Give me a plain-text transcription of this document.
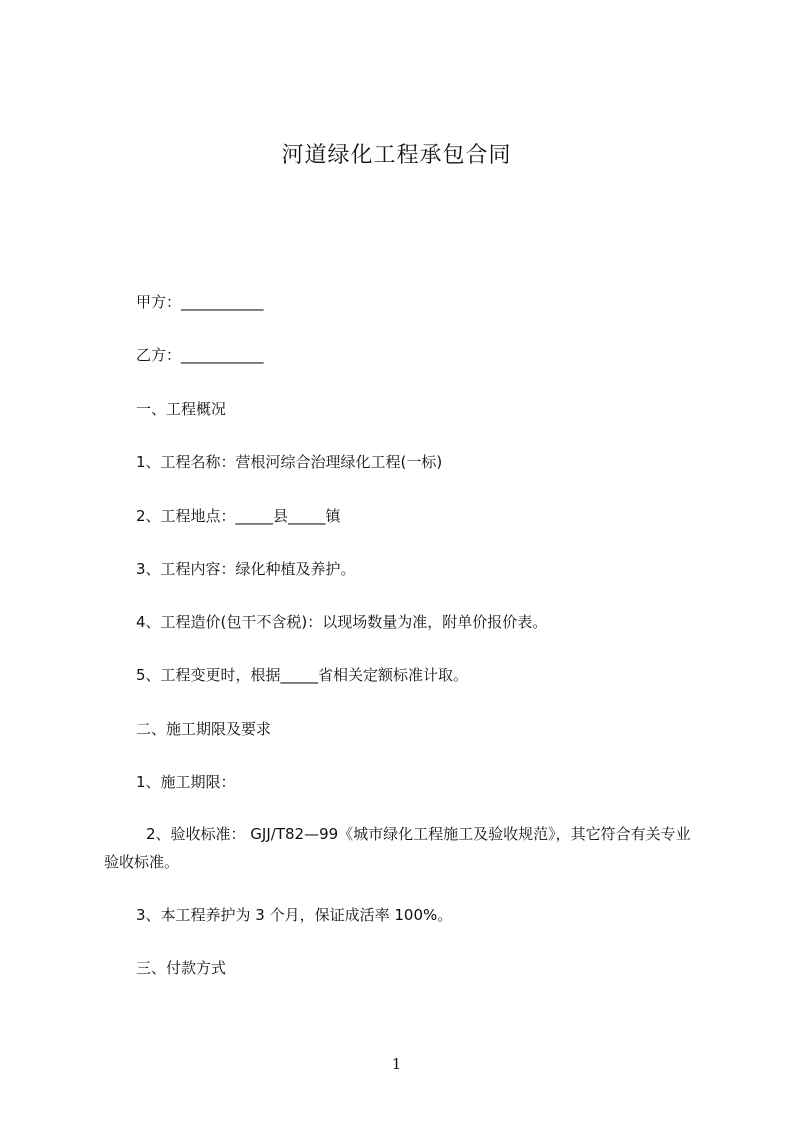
河道绿化工程承包合同
甲方：___________
乙方：___________
一、工程概况
1、工程名称：营根河综合治理绿化工程(一标)
2、工程地点：_____县_____镇
3、工程内容：绿化种植及养护。
4、工程造价(包干不含税)：以现场数量为准，附单价报价表。
5、工程变更时，根据_____省相关定额标准计取。
二、施工期限及要求
1、施工期限：
2、验收标准： GJJ/T82—99《城市绿化工程施工及验收规范》，其它符合有关专业
验收标准。
3、本工程养护为 3 个月，保证成活率 100%。
三、付款方式
1
